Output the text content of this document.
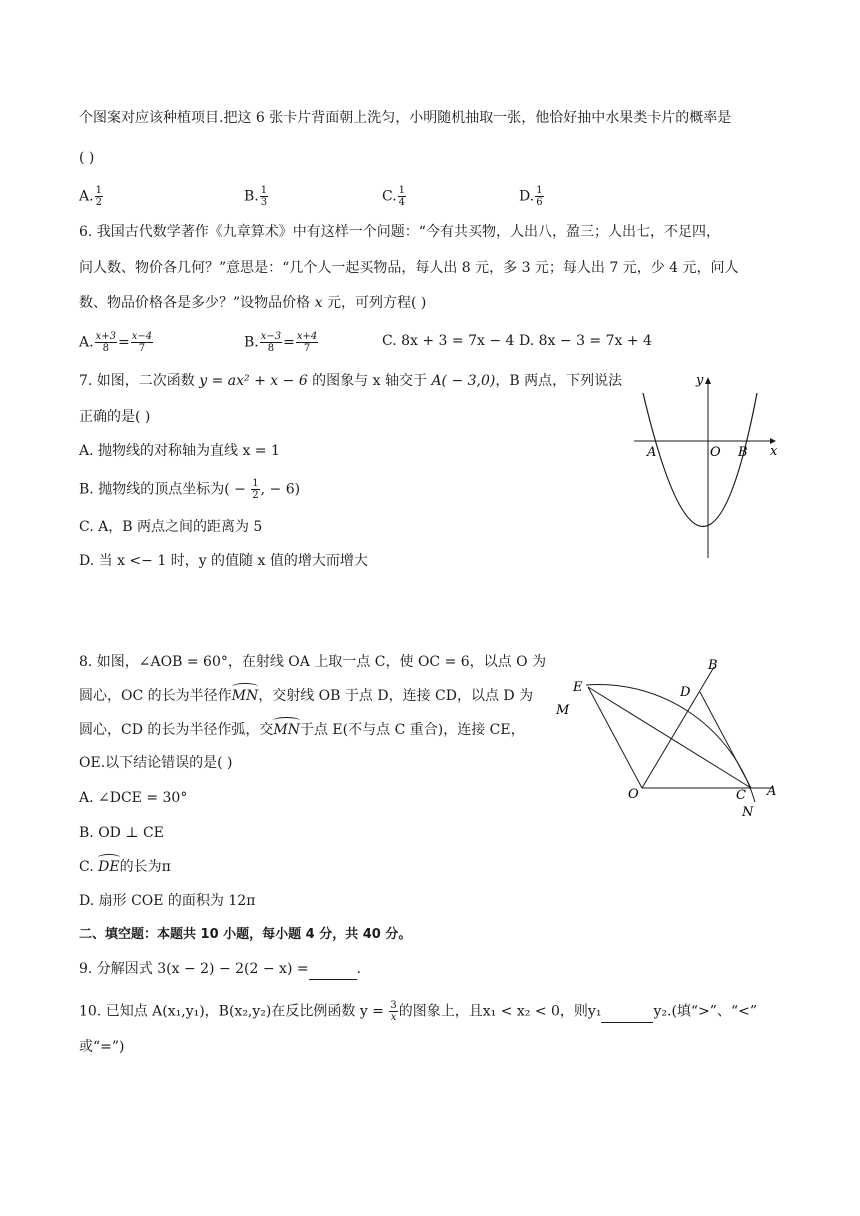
个图案对应该种植项目.把这 6 张卡片背面朝上洗匀，小明随机抽取一张，他恰好抽中水果类卡片的概率是
( )
A. $\frac{1}{2}$	B. $\frac{1}{3}$	C. $\frac{1}{4}$	D. $\frac{1}{6}$
6. 我国古代数学著作《九章算术》中有这样一个问题：“今有共买物，人出八，盈三；人出七，不足四，
问人数、物价各几何？”意思是：“几个人一起买物品，每人出 8 元，多 3 元；每人出 7 元，少 4 元，问人
数、物品价格各是多少？”设物品价格 x 元，可列方程( )
A. $\frac{x+3}{8} = \frac{x-4}{7}$	B. $\frac{x-3}{8} = \frac{x+4}{7}$	C. 8x + 3 = 7x − 4 D. 8x − 3 = 7x + 4
7. 如图，二次函数 y = ax² + x − 6 的图象与 x 轴交于 A( − 3,0)，B 两点，下列说法
正确的是( )
A. 抛物线的对称轴为直线 x = 1
B. 抛物线的顶点坐标为( − $\frac{1}{2}$ , − 6)
C. A，B 两点之间的距离为 5
D. 当 x <− 1 时，y 的值随 x 值的增大而增大
y
x
A	O B
8. 如图，∠AOB = 60°，在射线 OA 上取一点 C，使 OC = 6，以点 O 为
圆心，OC 的长为半径作MN，交射线 OB 于点 D，连接 CD，以点 D 为
圆心，CD 的长为半径作弧，交MN于点 E(不与点 C 重合)，连接 CE，
OE.以下结论错误的是( )
A. ∠DCE = 30°
B. OD ⊥ CE
C. DE的长为π
D. 扇形 COE 的面积为 12π
B
E	D
M
O	C A
N
二、填空题：本题共 10 小题，每小题 4 分，共 40 分。
9. 分解因式 3(x − 2) − 2(2 − x) =	.
10. 已知点 A(x₁,y₁)，B(x₂,y₂)在反比例函数 $y = \frac{3}{x}$ 的图象上，且x₁ < x₂ < 0，则y₁	y₂.(填“>”、“<”
或“=”)
